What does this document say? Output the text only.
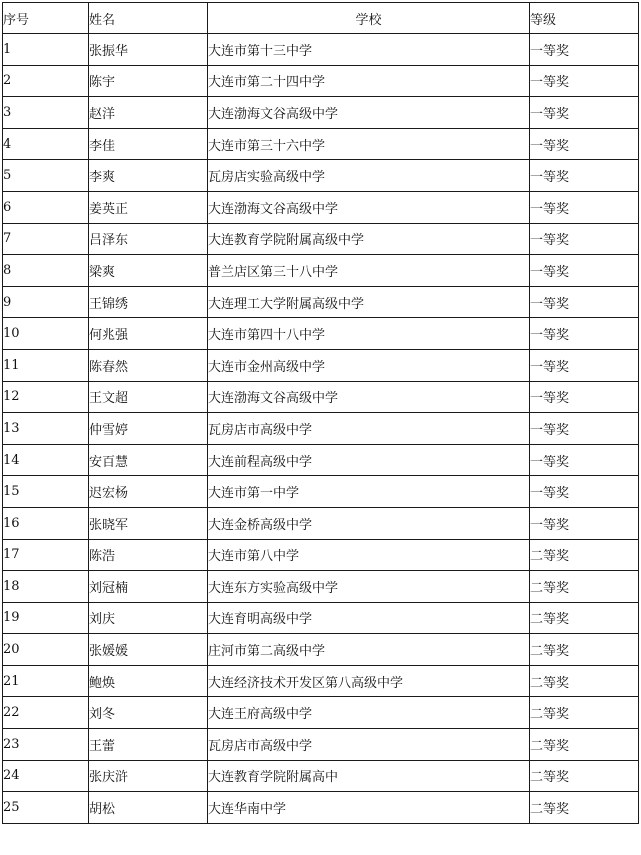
序号	姓名	学校	等级
1	张振华	大连市第十三中学	一等奖
2	陈宇	大连市第二十四中学	一等奖
3	赵洋	大连渤海文谷高级中学	一等奖
4	李佳	大连市第三十六中学	一等奖
5	李爽	瓦房店实验高级中学	一等奖
6	姜英正	大连渤海文谷高级中学	一等奖
7	吕泽东	大连教育学院附属高级中学	一等奖
8	梁爽	普兰店区第三十八中学	一等奖
9	王锦绣	大连理工大学附属高级中学	一等奖
10	何兆强	大连市第四十八中学	一等奖
11	陈春然	大连市金州高级中学	一等奖
12	王文超	大连渤海文谷高级中学	一等奖
13	仲雪婷	瓦房店市高级中学	一等奖
14	安百慧	大连前程高级中学	一等奖
15	迟宏杨	大连市第一中学	一等奖
16	张晓军	大连金桥高级中学	一等奖
17	陈浩	大连市第八中学	二等奖
18	刘冠楠	大连东方实验高级中学	二等奖
19	刘庆	大连育明高级中学	二等奖
20	张媛媛	庄河市第二高级中学	二等奖
21	鲍焕	大连经济技术开发区第八高级中学	二等奖
22	刘冬	大连王府高级中学	二等奖
23	王蕾	瓦房店市高级中学	二等奖
24	张庆浒	大连教育学院附属高中	二等奖
25	胡松	大连华南中学	二等奖
